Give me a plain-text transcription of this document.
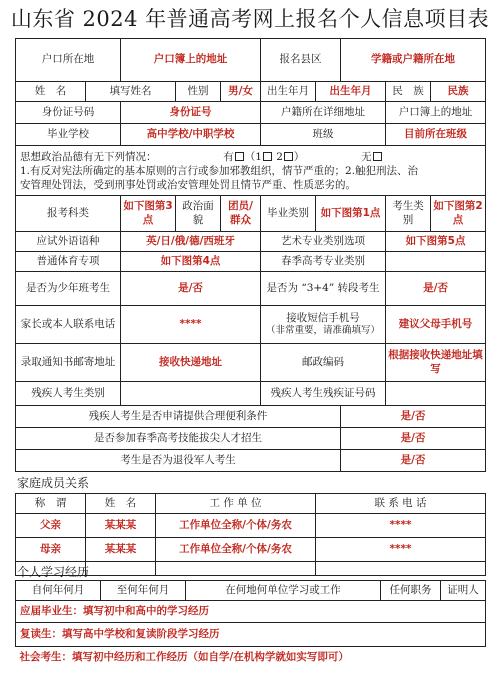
山东省 2024 年普通高考网上报名个人信息项目表
户口所在地		户口簿上的地址			报名县区		学籍或户籍所在地		
姓　名	填写姓名		性别	男/女	出生年月	出生年月		民　族	民族
身份证号码		身份证号			户籍所在详细地址			户口簿上的地址	
毕业学校		高中学校/中职学校			班级			目前所在班级	

思想政治品德有无下列情况： 有 （1 2 ） 无
1.有反对宪法所确定的基本原则的言行或参加邪教组织，情节严重的；2.触犯刑法、治
安管理处罚法，受到刑事处罚或治安管理处罚且情节严重、性质恶劣的。									

报考科类		如下图第3点	政治面貌	团员/群众	毕业类别	如下图第1点		考生类别	如下图第2点
应试外语语种		英/日/俄/德/西班牙			艺术专业类别选项			如下图第5点	
普通体育专项		如下图第4点			春季高考专业类别				
是否为少年班考生		是/否			是否为 “3+4” 转段考生			是/否	
家长或本人联系电话		****			接收短信手机号
（非常重要，请准确填写）			建议父母手机号	
录取通知书邮寄地址		接收快递地址			邮政编码			根据接收快递地址填写	
残疾人考生类别					残疾人考生残疾证号码				
残疾人考生是否申请提供合理便利条件							是/否		
是否参加春季高考技能拔尖人才招生							是/否		
考生是否为退役军人考生							是/否		
家庭成员关系
称　谓	姓　名	工 作 单 位	联 系 电 话
父亲	某某某	工作单位全称/个体/务农	****
母亲	某某某	工作单位全称/个体/务农	****

个人学习经历
自何年何月	至何年何月	在何地何单位学习或工作	任何职务	证明人
应届毕业生：填写初中和高中的学习经历
复读生：填写高中学校和复读阶段学习经历
社会考生：填写初中经历和工作经历（如自学/在机构学就如实写即可）
